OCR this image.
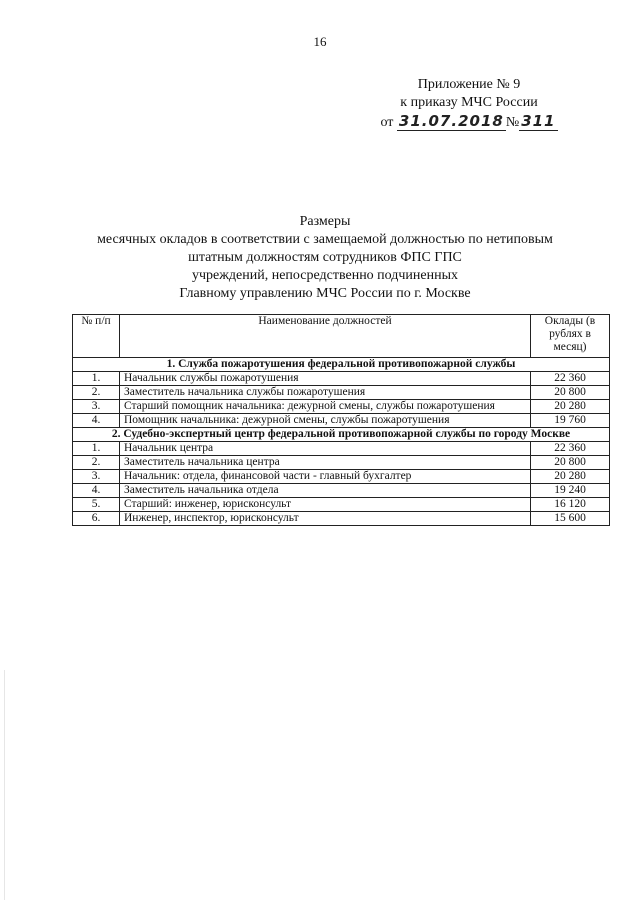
16
Приложение № 9
к приказу МЧС России
от 31.07.2018 № 311
Размеры
месячных окладов в соответствии с замещаемой должностью по нетиповым
штатным должностям сотрудников ФПС ГПС
учреждений, непосредственно подчиненных
Главному управлению МЧС России по г. Москве
№ п/п	Наименование должностей	Оклады (в рублях в месяц)
1. Служба пожаротушения федеральной противопожарной службы		
1.	Начальник службы пожаротушения	22 360
2.	Заместитель начальника службы пожаротушения	20 800
3.	Старший помощник начальника: дежурной смены, службы пожаротушения	20 280
4.	Помощник начальника: дежурной смены, службы пожаротушения	19 760
2. Судебно-экспертный центр федеральной противопожарной службы по городу Москве		
1.	Начальник центра	22 360
2.	Заместитель начальника центра	20 800
3.	Начальник: отдела, финансовой части - главный бухгалтер	20 280
4.	Заместитель начальника отдела	19 240
5.	Старший: инженер, юрисконсульт	16 120
6.	Инженер, инспектор, юрисконсульт	15 600
